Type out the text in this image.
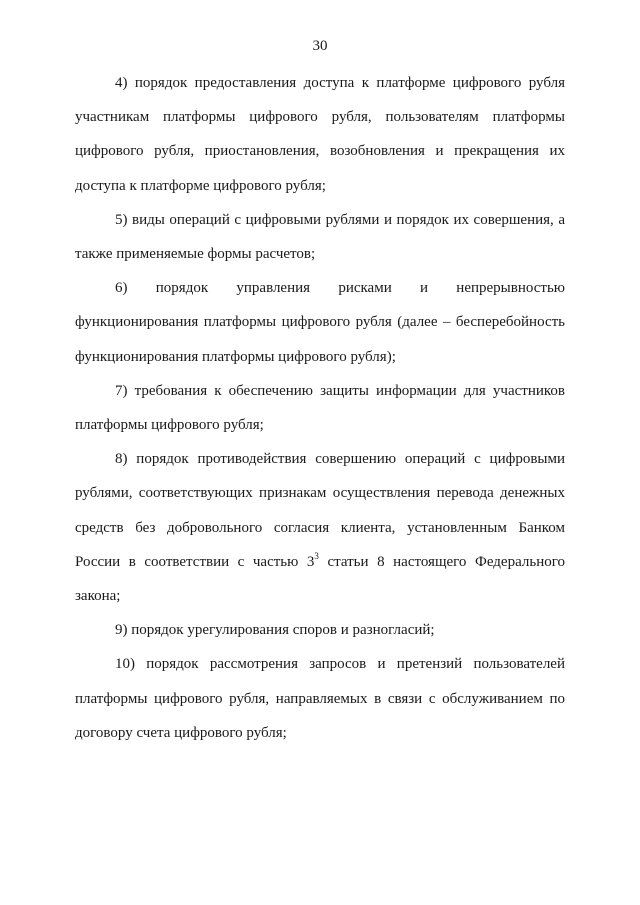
30

4) порядок предоставления доступа к платформе цифрового рубля участникам платформы цифрового рубля, пользователям платформы цифрового рубля, приостановления, возобновления и прекращения их доступа к платформе цифрового рубля;

5) виды операций с цифровыми рублями и порядок их совершения, а также применяемые формы расчетов;

6) порядок управления рисками и непрерывностью функционирования платформы цифрового рубля (далее – бесперебойность функционирования платформы цифрового рубля);

7) требования к обеспечению защиты информации для участников платформы цифрового рубля;

8) порядок противодействия совершению операций с цифровыми рублями, соответствующих признакам осуществления перевода денежных средств без добровольного согласия клиента, установленным Банком России в соответствии с частью $3^3$ статьи 8 настоящего Федерального закона;

9) порядок урегулирования споров и разногласий;

10) порядок рассмотрения запросов и претензий пользователей платформы цифрового рубля, направляемых в связи с обслуживанием по договору счета цифрового рубля;
